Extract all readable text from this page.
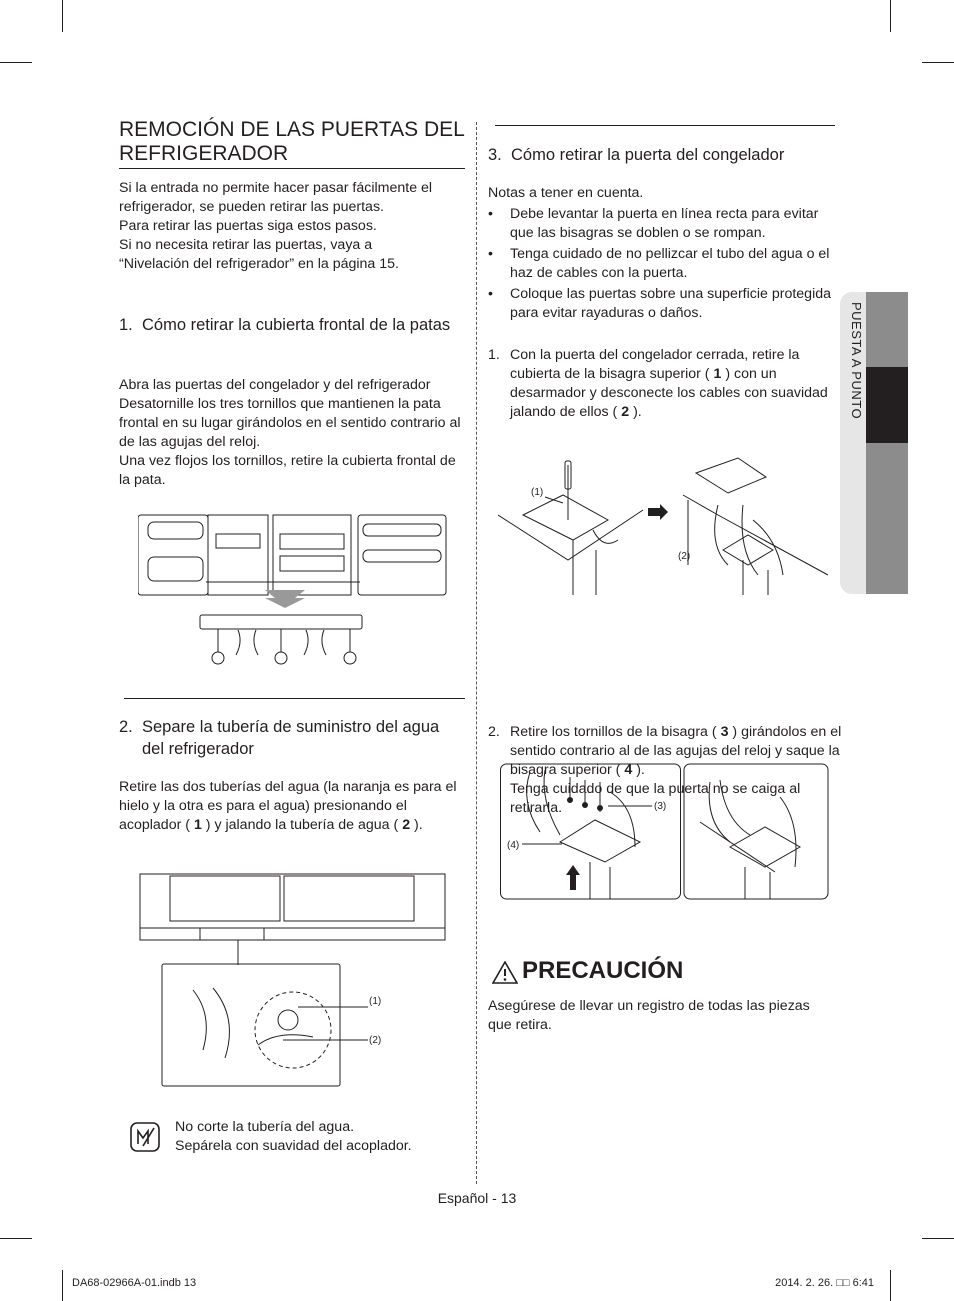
REMOCIÓN DE LAS PUERTAS DEL REFRIGERADOR

Si la entrada no permite hacer pasar fácilmente el refrigerador, se pueden retirar las puertas.

Para retirar las puertas siga estos pasos.

Si no necesita retirar las puertas, vaya a “Nivelación del refrigerador” en la página 15.

1. Cómo retirar la cubierta frontal de la patas

Abra las puertas del congelador y del refrigerador Desatornille los tres tornillos que mantienen la pata frontal en su lugar girándolos en el sentido contrario al de las agujas del reloj.

Una vez flojos los tornillos, retire la cubierta frontal de la pata.

2. Separe la tubería de suministro del agua del refrigerador

Retire las dos tuberías del agua (la naranja es para el hielo y la otra es para el agua) presionando el acoplador ( 1 ) y jalando la tubería de agua ( 2 ).

(1)
(2)

No corte la tubería del agua.

Sepárela con suavidad del acoplador.

3. Cómo retirar la puerta del congelador

Notas a tener en cuenta.

• Debe levantar la puerta en línea recta para evitar que las bisagras se doblen o se rompan.
• Tenga cuidado de no pellizcar el tubo del agua o el haz de cables con la puerta.
• Coloque las puertas sobre una superficie protegida para evitar rayaduras o daños.
1. Con la puerta del congelador cerrada, retire la cubierta de la bisagra superior ( 1 ) con un desarmador y desconecte los cables con suavidad jalando de ellos ( 2 ).
(1)
(2)
2. Retire los tornillos de la bisagra ( 3 ) girándolos en el sentido contrario al de las agujas del reloj y saque la bisagra superior ( 4 ).
Tenga cuidado de que la puerta no se caiga al retirarla.	(3)
(4)
PRECAUCIÓN

Asegúrese de llevar un registro de todas las piezas que retira.

PUESTA A PUNTO
Español - 13
DA68-02966A-01.indb 13	2014. 2. 26. □□ 6:41
